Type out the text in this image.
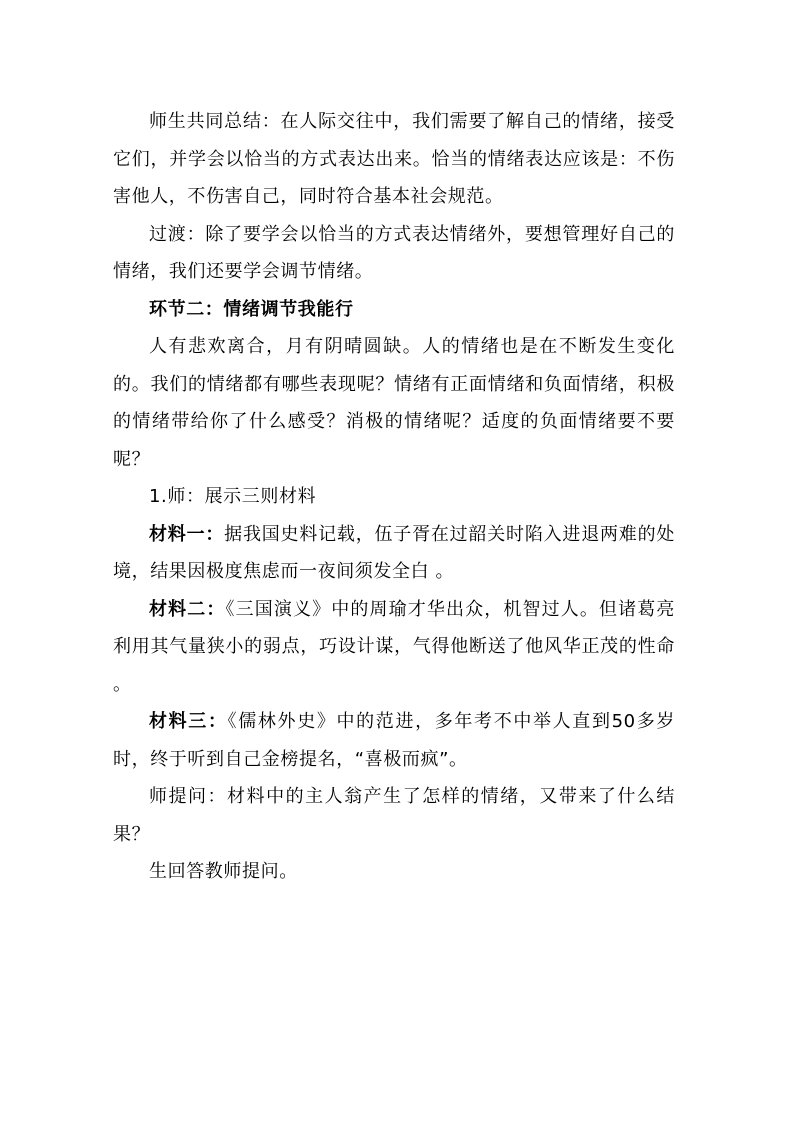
师生共同总结：在人际交往中，我们需要了解自己的情绪，接受它们，并学会以恰当的方式表达出来。恰当的情绪表达应该是：不伤害他人，不伤害自己，同时符合基本社会规范。

过渡：除了要学会以恰当的方式表达情绪外，要想管理好自己的情绪，我们还要学会调节情绪。

环节二：情绪调节我能行

人有悲欢离合，月有阴晴圆缺。人的情绪也是在不断发生变化的。我们的情绪都有哪些表现呢？情绪有正面情绪和负面情绪，积极的情绪带给你了什么感受？消极的情绪呢？适度的负面情绪要不要呢？

1.师：展示三则材料

材料一：据我国史料记载，伍子胥在过韶关时陷入进退两难的处境，结果因极度焦虑而一夜间须发全白 。

材料二：《三国演义》中的周瑜才华出众，机智过人。但诸葛亮利用其气量狭小的弱点，巧设计谋，气得他断送了他风华正茂的性命 。

材料三：《儒林外史》中的范进，多年考不中举人直到50多岁时，终于听到自己金榜提名，“喜极而疯”。

师提问：材料中的主人翁产生了怎样的情绪，又带来了什么结果？

生回答教师提问。
